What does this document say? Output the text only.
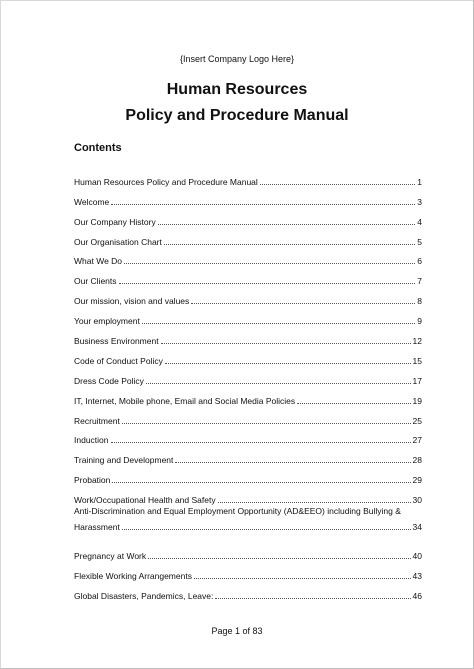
{Insert Company Logo Here}
Human Resources
Policy and Procedure Manual
Contents
Human Resources Policy and Procedure Manual	1
Welcome	3
Our Company History	4
Our Organisation Chart	5
What We Do	6
Our Clients	7
Our mission, vision and values	8
Your employment	9
Business Environment	12
Code of Conduct Policy	15
Dress Code Policy	17
IT, Internet, Mobile phone, Email and Social Media Policies	19
Recruitment	25
Induction	27
Training and Development	28
Probation	29
Work/Occupational Health and Safety	30
Anti-Discrimination and Equal Employment Opportunity (AD&EEO) including Bullying &
Harassment	34
Pregnancy at Work	40
Flexible Working Arrangements	43
Global Disasters, Pandemics, Leave:	46
Page 1 of 83
